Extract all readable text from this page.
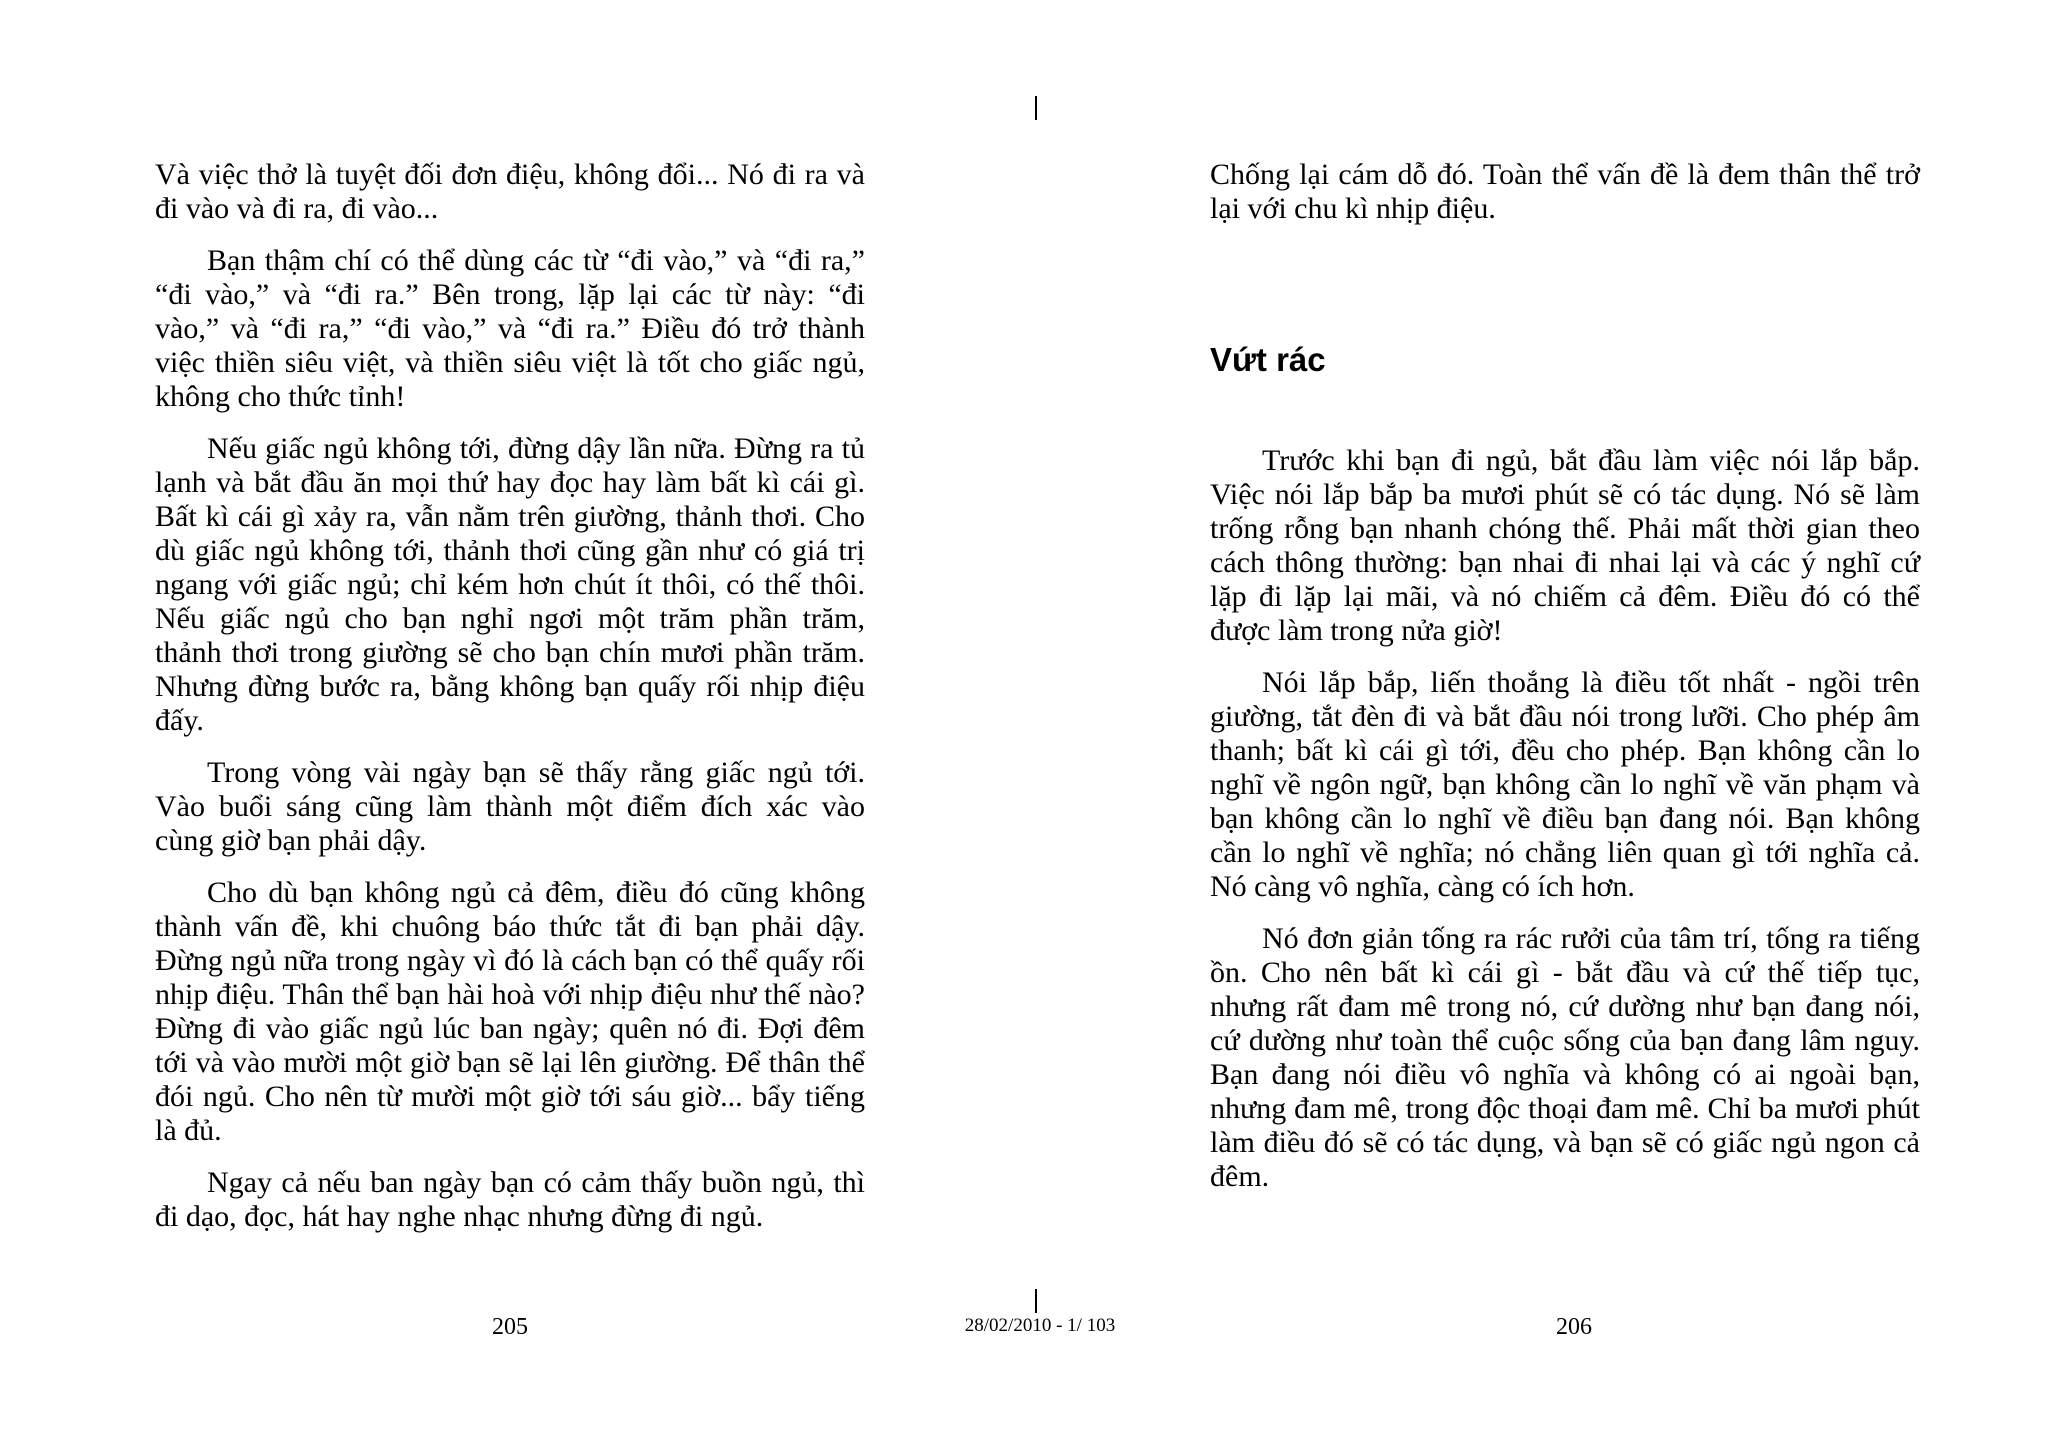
Và việc thở là tuyệt đối đơn điệu, không đổi... Nó đi ra và đi vào và đi ra, đi vào...

Bạn thậm chí có thể dùng các từ “đi vào,” và “đi ra,” “đi vào,” và “đi ra.” Bên trong, lặp lại các từ này: “đi vào,” và “đi ra,” “đi vào,” và “đi ra.” Điều đó trở thành việc thiền siêu việt, và thiền siêu việt là tốt cho giấc ngủ, không cho thức tỉnh!

Nếu giấc ngủ không tới, đừng dậy lần nữa. Đừng ra tủ lạnh và bắt đầu ăn mọi thứ hay đọc hay làm bất kì cái gì. Bất kì cái gì xảy ra, vẫn nằm trên giường, thảnh thơi. Cho dù giấc ngủ không tới, thảnh thơi cũng gần như có giá trị ngang với giấc ngủ; chỉ kém hơn chút ít thôi, có thế thôi. Nếu giấc ngủ cho bạn nghỉ ngơi một trăm phần trăm, thảnh thơi trong giường sẽ cho bạn chín mươi phần trăm. Nhưng đừng bước ra, bằng không bạn quấy rối nhịp điệu đấy.

Trong vòng vài ngày bạn sẽ thấy rằng giấc ngủ tới. Vào buổi sáng cũng làm thành một điểm đích xác vào cùng giờ bạn phải dậy.

Cho dù bạn không ngủ cả đêm, điều đó cũng không thành vấn đề, khi chuông báo thức tắt đi bạn phải dậy. Đừng ngủ nữa trong ngày vì đó là cách bạn có thể quấy rối nhịp điệu. Thân thể bạn hài hoà với nhịp điệu như thế nào? Đừng đi vào giấc ngủ lúc ban ngày; quên nó đi. Đợi đêm tới và vào mười một giờ bạn sẽ lại lên giường. Để thân thể đói ngủ. Cho nên từ mười một giờ tới sáu giờ... bẩy tiếng là đủ.

Ngay cả nếu ban ngày bạn có cảm thấy buồn ngủ, thì đi dạo, đọc, hát hay nghe nhạc nhưng đừng đi ngủ.

Chống lại cám dỗ đó. Toàn thể vấn đề là đem thân thể trở lại với chu kì nhịp điệu.

Vứt rác

Trước khi bạn đi ngủ, bắt đầu làm việc nói lắp bắp. Việc nói lắp bắp ba mươi phút sẽ có tác dụng. Nó sẽ làm trống rỗng bạn nhanh chóng thế. Phải mất thời gian theo cách thông thường: bạn nhai đi nhai lại và các ý nghĩ cứ lặp đi lặp lại mãi, và nó chiếm cả đêm. Điều đó có thể được làm trong nửa giờ!

Nói lắp bắp, liến thoắng là điều tốt nhất - ngồi trên giường, tắt đèn đi và bắt đầu nói trong lưỡi. Cho phép âm thanh; bất kì cái gì tới, đều cho phép. Bạn không cần lo nghĩ về ngôn ngữ, bạn không cần lo nghĩ về văn phạm và bạn không cần lo nghĩ về điều bạn đang nói. Bạn không cần lo nghĩ về nghĩa; nó chẳng liên quan gì tới nghĩa cả. Nó càng vô nghĩa, càng có ích hơn.

Nó đơn giản tống ra rác rưởi của tâm trí, tống ra tiếng ồn. Cho nên bất kì cái gì - bắt đầu và cứ thế tiếp tục, nhưng rất đam mê trong nó, cứ dường như bạn đang nói, cứ dường như toàn thể cuộc sống của bạn đang lâm nguy. Bạn đang nói điều vô nghĩa và không có ai ngoài bạn, nhưng đam mê, trong độc thoại đam mê. Chỉ ba mươi phút làm điều đó sẽ có tác dụng, và bạn sẽ có giấc ngủ ngon cả đêm.

205	28/02/2010 - 1/ 103	206
